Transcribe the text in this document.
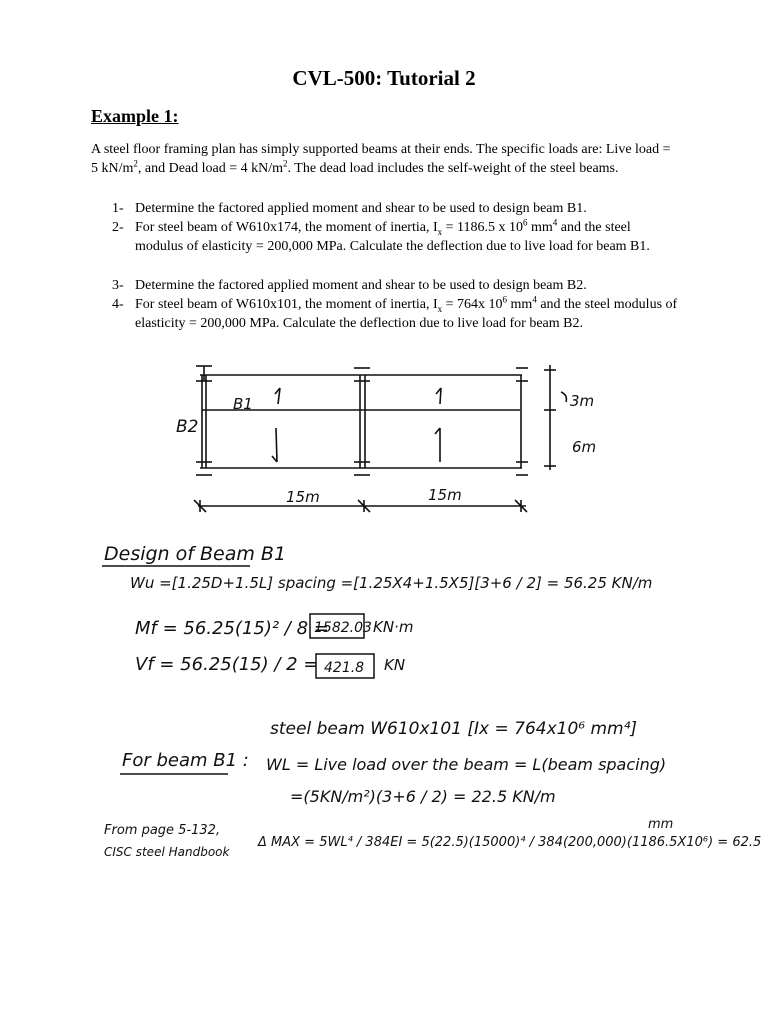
CVL-500: Tutorial 2
Example 1:
A steel floor framing plan has simply supported beams at their ends. The specific loads are: Live load = 5 $kN/m^2$, and Dead load = 4 $kN/m^2$. The dead load includes the self-weight of the steel beams.
1- Determine the factored applied moment and shear to be used to design beam B1.
2- For steel beam of W610x174, the moment of inertia, $I_x = 1186.5$ x $10^6$ $mm^4$ and the steel modulus of elasticity = 200,000 MPa. Calculate the deflection due to live load for beam B1.
3- Determine the factored applied moment and shear to be used to design beam B2.
4- For steel beam of W610x101, the moment of inertia, $I_x = 764x$ $10^6$ $mm^4$ and the steel modulus of elasticity = 200,000 MPa. Calculate the deflection due to live load for beam B2.
B1
B2
3m
6m
15m	15m
Design of Beam B1
Wu =[1.25D+1.5L] spacing =[1.25X4+1.5X5][3+6 / 2] = 56.25 KN/m
Mf = 56.25(15)² / 8 =
1582.03 KN·m
Vf = 56.25(15) / 2 = 421.8 KN
steel beam W610x101 [Ix = 764x10⁶ mm⁴]
For beam B1 : WL = Live load over the beam = L(beam spacing)
=(5KN/m²)(3+6 / 2) = 22.5 KN/m
From page 5-132,
CISC steel Handbook
Δ MAX = 5WL⁴ / 384EI = 5(22.5)(15000)⁴ / 384(200,000)(1186.5X10⁶) = 62.5
mm
